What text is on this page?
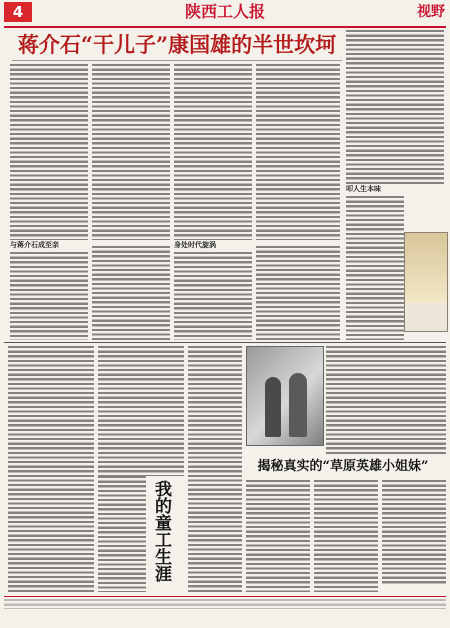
4	陕西工人报	视野
蒋介石“干儿子”康国雄的半世坎坷
与蒋介石成至亲	身处时代旋涡
叩人生本味
我的童工生涯
揭秘真实的“草原英雄小姐妹”
